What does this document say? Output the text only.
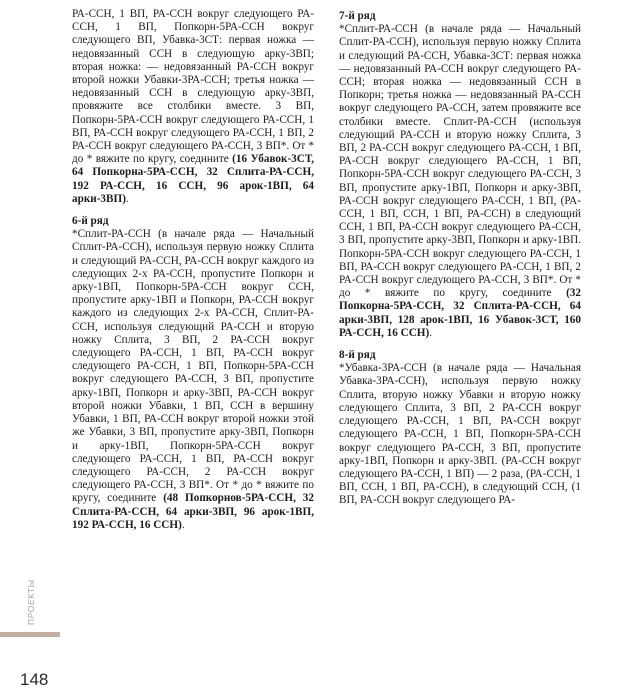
РА-ССН, 1 ВП, РА-ССН вокруг следующего РА-ССН, 1 ВП, Попкорн-5РА-ССН вокруг следующего ВП, Убавка-3СТ: первая ножка — недовязанный ССН в следующую арку-3ВП; вторая ножка: — недовязанный РА-ССН вокруг второй ножки Убавки-3РА-ССН; третья ножка — недовязанный ССН в следующую арку-3ВП, провяжите все столбики вместе. 3 ВП, Попкорн-5РА-ССН вокруг следующего РА-ССН, 1 ВП, РА-ССН вокруг следующего РА-ССН, 1 ВП, 2 РА-ССН вокруг следующего РА-ССН, 3 ВП*. От * до * вяжите по кругу, соедините (16 Убавок-3СТ, 64 Попкорна-5РА-ССН, 32 Сплита-РА-ССН, 192 РА-ССН, 16 ССН, 96 арок-1ВП, 64 арки-3ВП).

6-й ряд

*Сплит-РА-ССН (в начале ряда — Начальный Сплит-РА-ССН), используя первую ножку Сплита и следующий РА-ССН, РА-ССН вокруг каждого из следующих 2-х РА-ССН, пропустите Попкорн и арку-1ВП, Попкорн-5РА-ССН вокруг ССН, пропустите арку-1ВП и Попкорн, РА-ССН вокруг каждого из следующих 2-х РА-ССН, Сплит-РА-ССН, используя следующий РА-ССН и вторую ножку Сплита, 3 ВП, 2 РА-ССН вокруг следующего РА-ССН, 1 ВП, РА-ССН вокруг следующего РА-ССН, 1 ВП, Попкорн-5РА-ССН вокруг следующего РА-ССН, 3 ВП, пропустите арку-1ВП, Попкорн и арку-3ВП, РА-ССН вокруг второй ножки Убавки, 1 ВП, ССН в вершину Убавки, 1 ВП, РА-ССН вокруг второй ножки этой же Убавки, 3 ВП, пропустите арку-3ВП, Попкорн и арку-1ВП, Попкорн-5РА-ССН вокруг следующего РА-ССН, 1 ВП, РА-ССН вокруг следующего РА-ССН, 2 РА-ССН вокруг следующего РА-ССН, 3 ВП*. От * до * вяжите по кругу, соедините (48 Попкорнов-5РА-ССН, 32 Сплита-РА-ССН, 64 арки-3ВП, 96 арок-1ВП, 192 РА-ССН, 16 ССН).

7-й ряд

*Сплит-РА-ССН (в начале ряда — Начальный Сплит-РА-ССН), используя первую ножку Сплита и следующий РА-ССН, Убавка-3СТ: первая ножка — недовязанный РА-ССН вокруг следующего РА-ССН; вторая ножка — недовязанный ССН в Попкорн; третья ножка — недовязанный РА-ССН вокруг следующего РА-ССН, затем провяжите все столбики вместе. Сплит-РА-ССН (используя следующий РА-ССН и вторую ножку Сплита, 3 ВП, 2 РА-ССН вокруг следующего РА-ССН, 1 ВП, РА-ССН вокруг следующего РА-ССН, 1 ВП, Попкорн-5РА-ССН вокруг следующего РА-ССН, 3 ВП, пропустите арку-1ВП, Попкорн и арку-3ВП, РА-ССН вокруг следующего РА-ССН, 1 ВП, (РА-ССН, 1 ВП, ССН, 1 ВП, РА-ССН) в следующий ССН, 1 ВП, РА-ССН вокруг следующего РА-ССН, 3 ВП, пропустите арку-3ВП, Попкорн и арку-1ВП. Попкорн-5РА-ССН вокруг следующего РА-ССН, 1 ВП, РА-ССН вокруг следующего РА-ССН, 1 ВП, 2 РА-ССН вокруг следующего РА-ССН, 3 ВП*. От * до * вяжите по кругу, соедините (32 Попкорна-5РА-ССН, 32 Сплита-РА-ССН, 64 арки-3ВП, 128 арок-1ВП, 16 Убавок-3СТ, 160 РА-ССН, 16 ССН).

8-й ряд

*Убавка-3РА-ССН (в начале ряда — Начальная Убавка-3РА-ССН), используя первую ножку Сплита, вторую ножку Убавки и вторую ножку следующего Сплита, 3 ВП, 2 РА-ССН вокруг следующего РА-ССН, 1 ВП, РА-ССН вокруг следующего РА-ССН, 1 ВП, Попкорн-5РА-ССН вокруг следующего РА-ССН, 3 ВП, пропустите арку-1ВП, Попкорн и арку-3ВП. (РА-ССН вокруг следующего РА-ССН, 1 ВП) — 2 раза, (РА-ССН, 1 ВП, ССН, 1 ВП, РА-ССН), в следующий ССН, (1 ВП, РА-ССН вокруг следующего РА-

ПРОЕКТЫ
148
